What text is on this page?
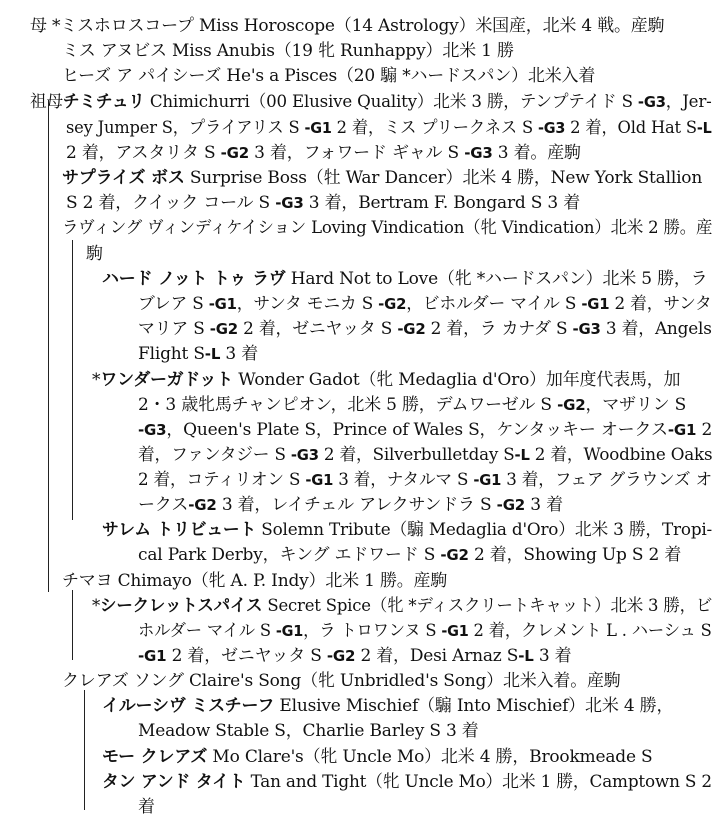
母 *ミスホロスコープ Miss Horoscope（14 Astrology）米国産，北米 4 戦。産駒
ミス アヌビス Miss Anubis（19 牝 Runhappy）北米 1 勝
ヒーズ ア パイシーズ He's a Pisces（20 騸 *ハードスパン）北米入着
祖母チミチュリ Chimichurri（00 Elusive Quality）北米 3 勝，テンプテイド S -G3，Jer-
sey Jumper S，プライアリス S -G1 2 着，ミス プリークネス S -G3 2 着，Old Hat S-L
2 着，アスタリタ S -G2 3 着，フォワード ギャル S -G3 3 着。産駒
サプライズ ボス Surprise Boss（牡 War Dancer）北米 4 勝，New York Stallion
S 2 着，クイック コール S -G3 3 着，Bertram F. Bongard S 3 着
ラヴィング ヴィンディケイション Loving Vindication（牝 Vindication）北米 2 勝。産
駒
ハード ノット トゥ ラヴ Hard Not to Love（牝 *ハードスパン）北米 5 勝，ラ
ブレア S -G1，サンタ モニカ S -G2，ビホルダー マイル S -G1 2 着，サンタ
マリア S -G2 2 着，ゼニヤッタ S -G2 2 着，ラ カナダ S -G3 3 着，Angels
Flight S-L 3 着
*ワンダーガドット Wonder Gadot（牝 Medaglia d'Oro）加年度代表馬，加
2・3 歳牝馬チャンピオン，北米 5 勝，デムワーゼル S -G2，マザリン S
-G3，Queen's Plate S，Prince of Wales S，ケンタッキー オークス-G1 2
着，ファンタジー S -G3 2 着，Silverbulletday S-L 2 着，Woodbine Oaks
2 着，コティリオン S -G1 3 着，ナタルマ S -G1 3 着，フェア グラウンズ オ
ークス-G2 3 着，レイチェル アレクサンドラ S -G2 3 着
サレム トリビュート Solemn Tribute（騸 Medaglia d'Oro）北米 3 勝，Tropi-
cal Park Derby，キング エドワード S -G2 2 着，Showing Up S 2 着
チマヨ Chimayo（牝 A. P. Indy）北米 1 勝。産駒
*シークレットスパイス Secret Spice（牝 *ディスクリートキャット）北米 3 勝，ビ
ホルダー マイル S -G1，ラ トロワンヌ S -G1 2 着，クレメント L . ハーシュ S
-G1 2 着，ゼニヤッタ S -G2 2 着，Desi Arnaz S-L 3 着
クレアズ ソング Claire's Song（牝 Unbridled's Song）北米入着。産駒
イルーシヴ ミスチーフ Elusive Mischief（騸 Into Mischief）北米 4 勝，
Meadow Stable S，Charlie Barley S 3 着
モー クレアズ Mo Clare's（牝 Uncle Mo）北米 4 勝，Brookmeade S
タン アンド タイト Tan and Tight（牝 Uncle Mo）北米 1 勝，Camptown S 2
着
